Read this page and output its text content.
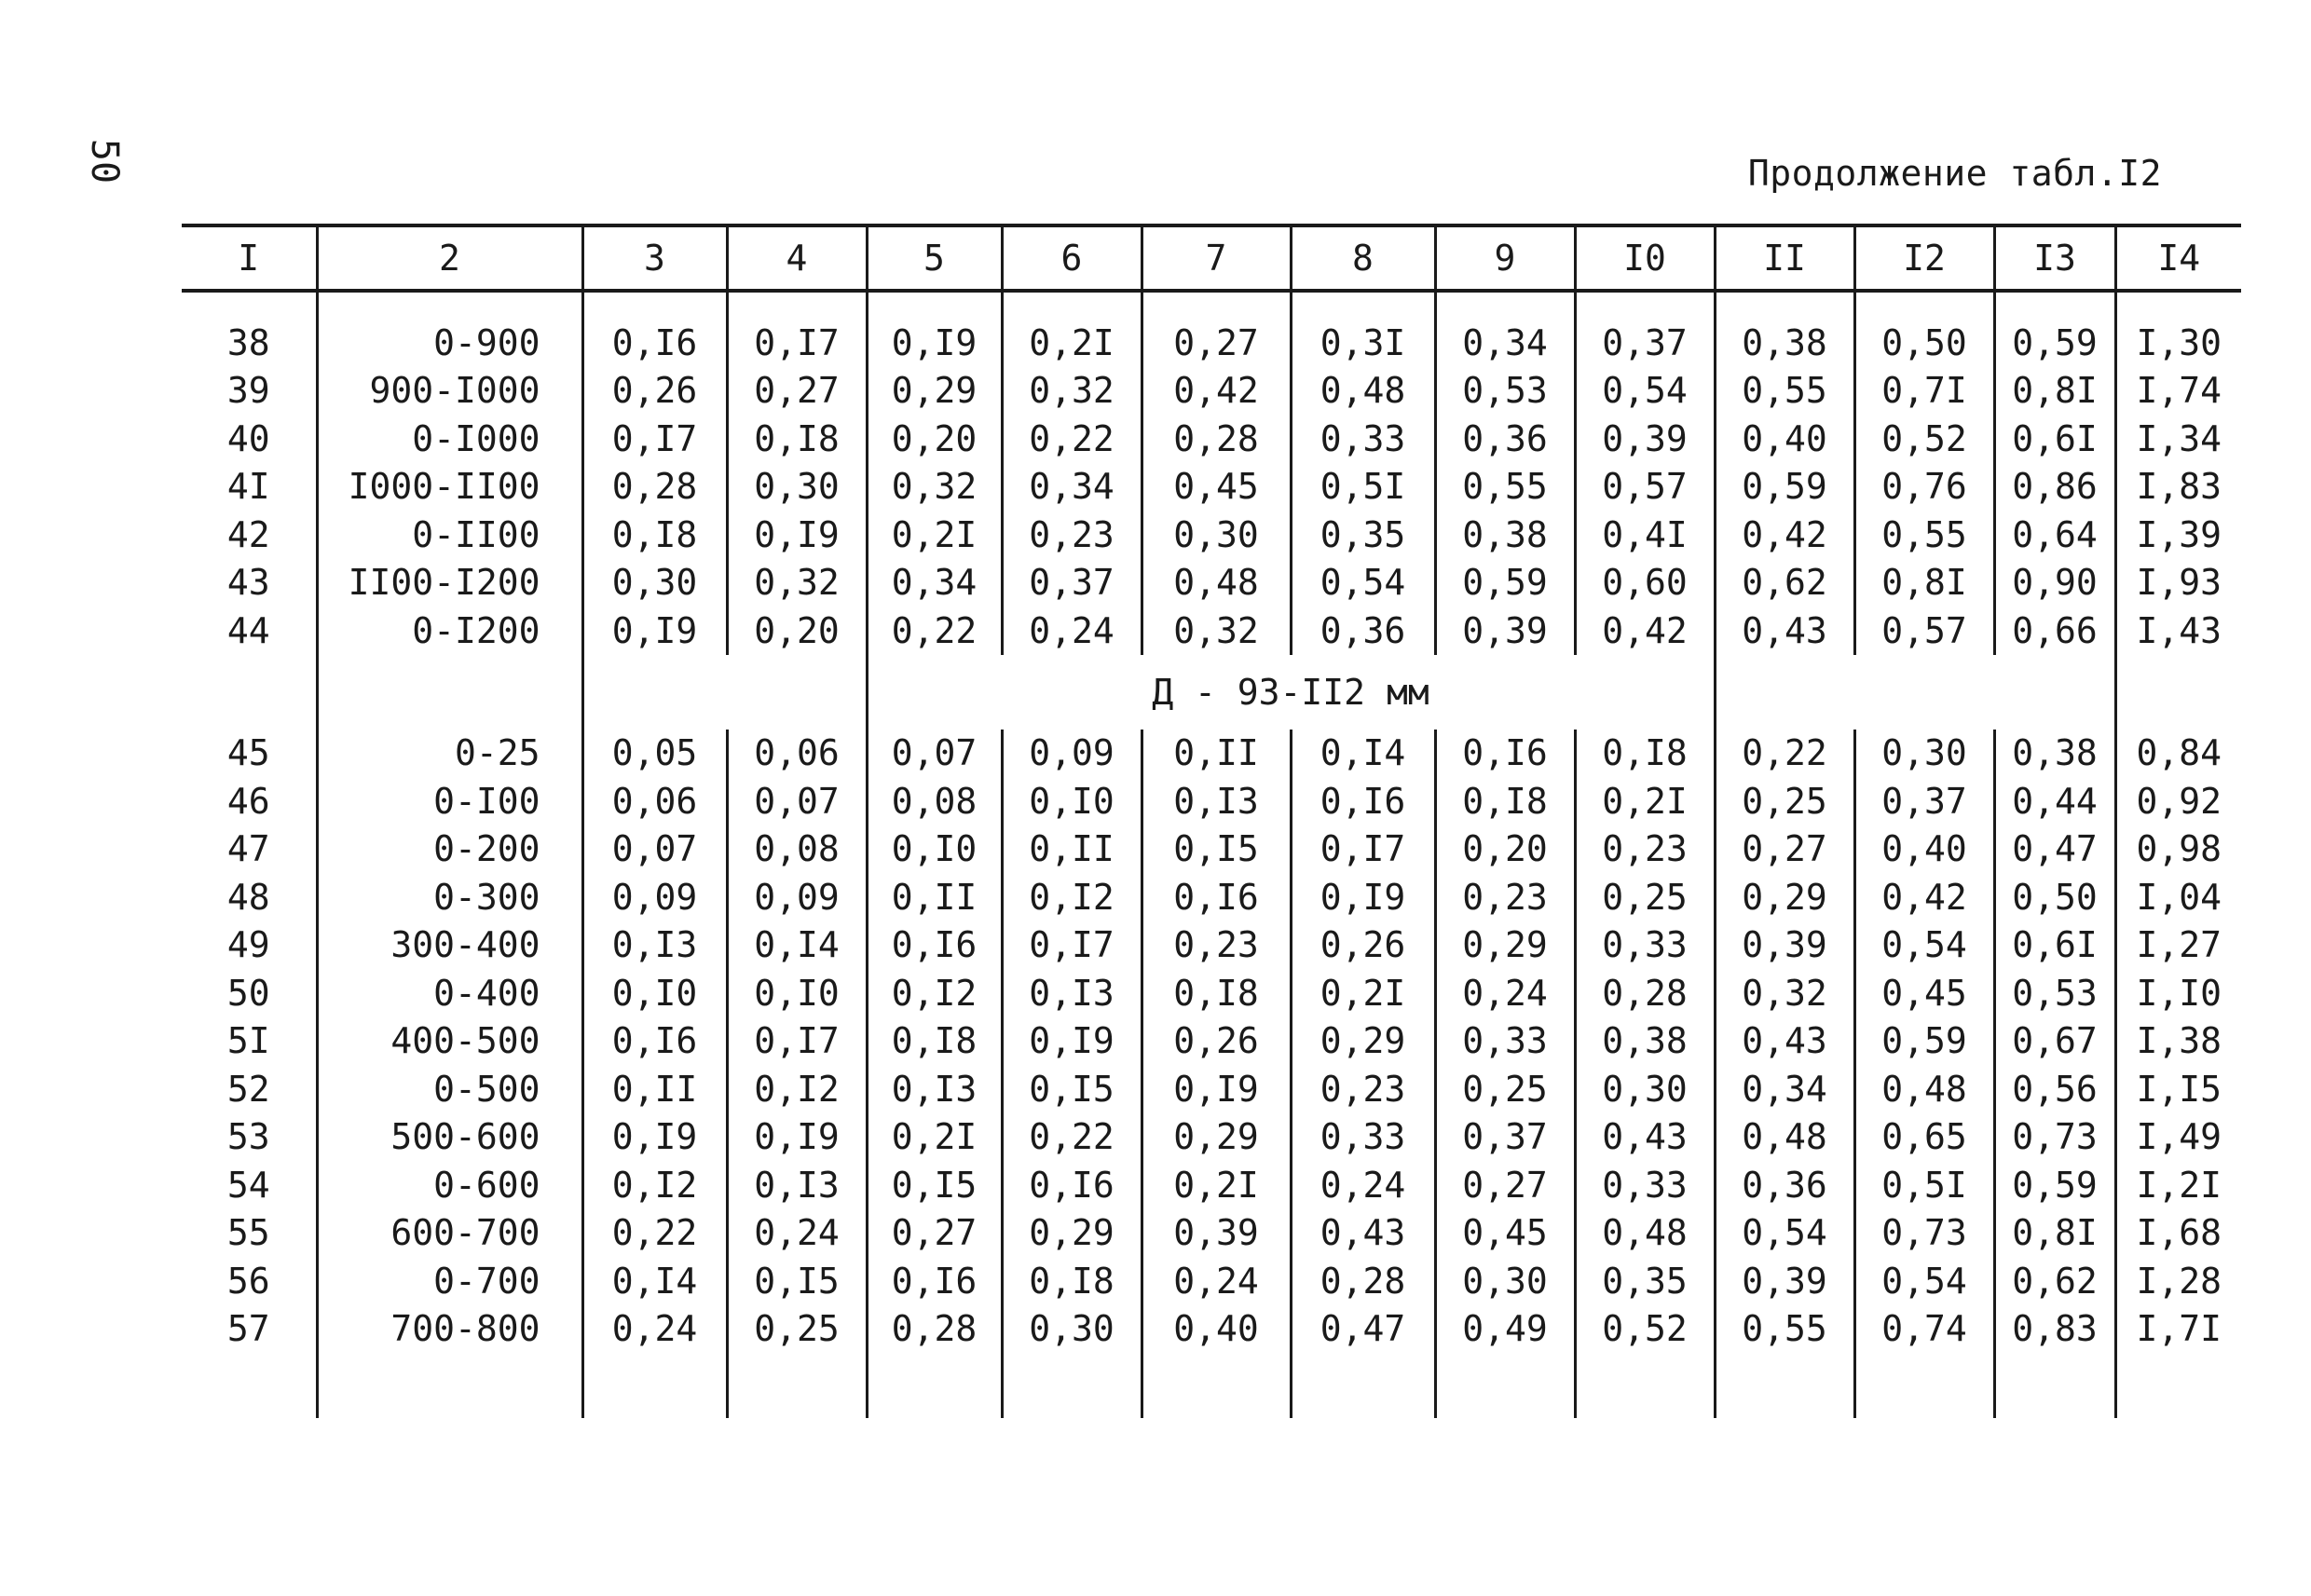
50	Продолжение табл.I2
I	2	3	4	5	6	7	8	9	I0	II	I2	I3	I4

38	0-900	0,I6	0,I7	0,I9	0,2I	0,27	0,3I	0,34	0,37	0,38	0,50	0,59	I,30
39	900-I000	0,26	0,27	0,29	0,32	0,42	0,48	0,53	0,54	0,55	0,7I	0,8I	I,74
40	0-I000	0,I7	0,I8	0,20	0,22	0,28	0,33	0,36	0,39	0,40	0,52	0,6I	I,34
4I	I000-II00	0,28	0,30	0,32	0,34	0,45	0,5I	0,55	0,57	0,59	0,76	0,86	I,83
42	0-II00	0,I8	0,I9	0,2I	0,23	0,30	0,35	0,38	0,4I	0,42	0,55	0,64	I,39
43	II00-I200	0,30	0,32	0,34	0,37	0,48	0,54	0,59	0,60	0,62	0,8I	0,90	I,93
44	0-I200	0,I9	0,20	0,22	0,24	0,32	0,36	0,39	0,42	0,43	0,57	0,66	I,43
				Д - 93-II2 мм									
45	0-25	0,05	0,06	0,07	0,09	0,II	0,I4	0,I6	0,I8	0,22	0,30	0,38	0,84
46	0-I00	0,06	0,07	0,08	0,I0	0,I3	0,I6	0,I8	0,2I	0,25	0,37	0,44	0,92
47	0-200	0,07	0,08	0,I0	0,II	0,I5	0,I7	0,20	0,23	0,27	0,40	0,47	0,98
48	0-300	0,09	0,09	0,II	0,I2	0,I6	0,I9	0,23	0,25	0,29	0,42	0,50	I,04
49	300-400	0,I3	0,I4	0,I6	0,I7	0,23	0,26	0,29	0,33	0,39	0,54	0,6I	I,27
50	0-400	0,I0	0,I0	0,I2	0,I3	0,I8	0,2I	0,24	0,28	0,32	0,45	0,53	I,I0
5I	400-500	0,I6	0,I7	0,I8	0,I9	0,26	0,29	0,33	0,38	0,43	0,59	0,67	I,38
52	0-500	0,II	0,I2	0,I3	0,I5	0,I9	0,23	0,25	0,30	0,34	0,48	0,56	I,I5
53	500-600	0,I9	0,I9	0,2I	0,22	0,29	0,33	0,37	0,43	0,48	0,65	0,73	I,49
54	0-600	0,I2	0,I3	0,I5	0,I6	0,2I	0,24	0,27	0,33	0,36	0,5I	0,59	I,2I
55	600-700	0,22	0,24	0,27	0,29	0,39	0,43	0,45	0,48	0,54	0,73	0,8I	I,68
56	0-700	0,I4	0,I5	0,I6	0,I8	0,24	0,28	0,30	0,35	0,39	0,54	0,62	I,28
57	700-800	0,24	0,25	0,28	0,30	0,40	0,47	0,49	0,52	0,55	0,74	0,83	I,7I
